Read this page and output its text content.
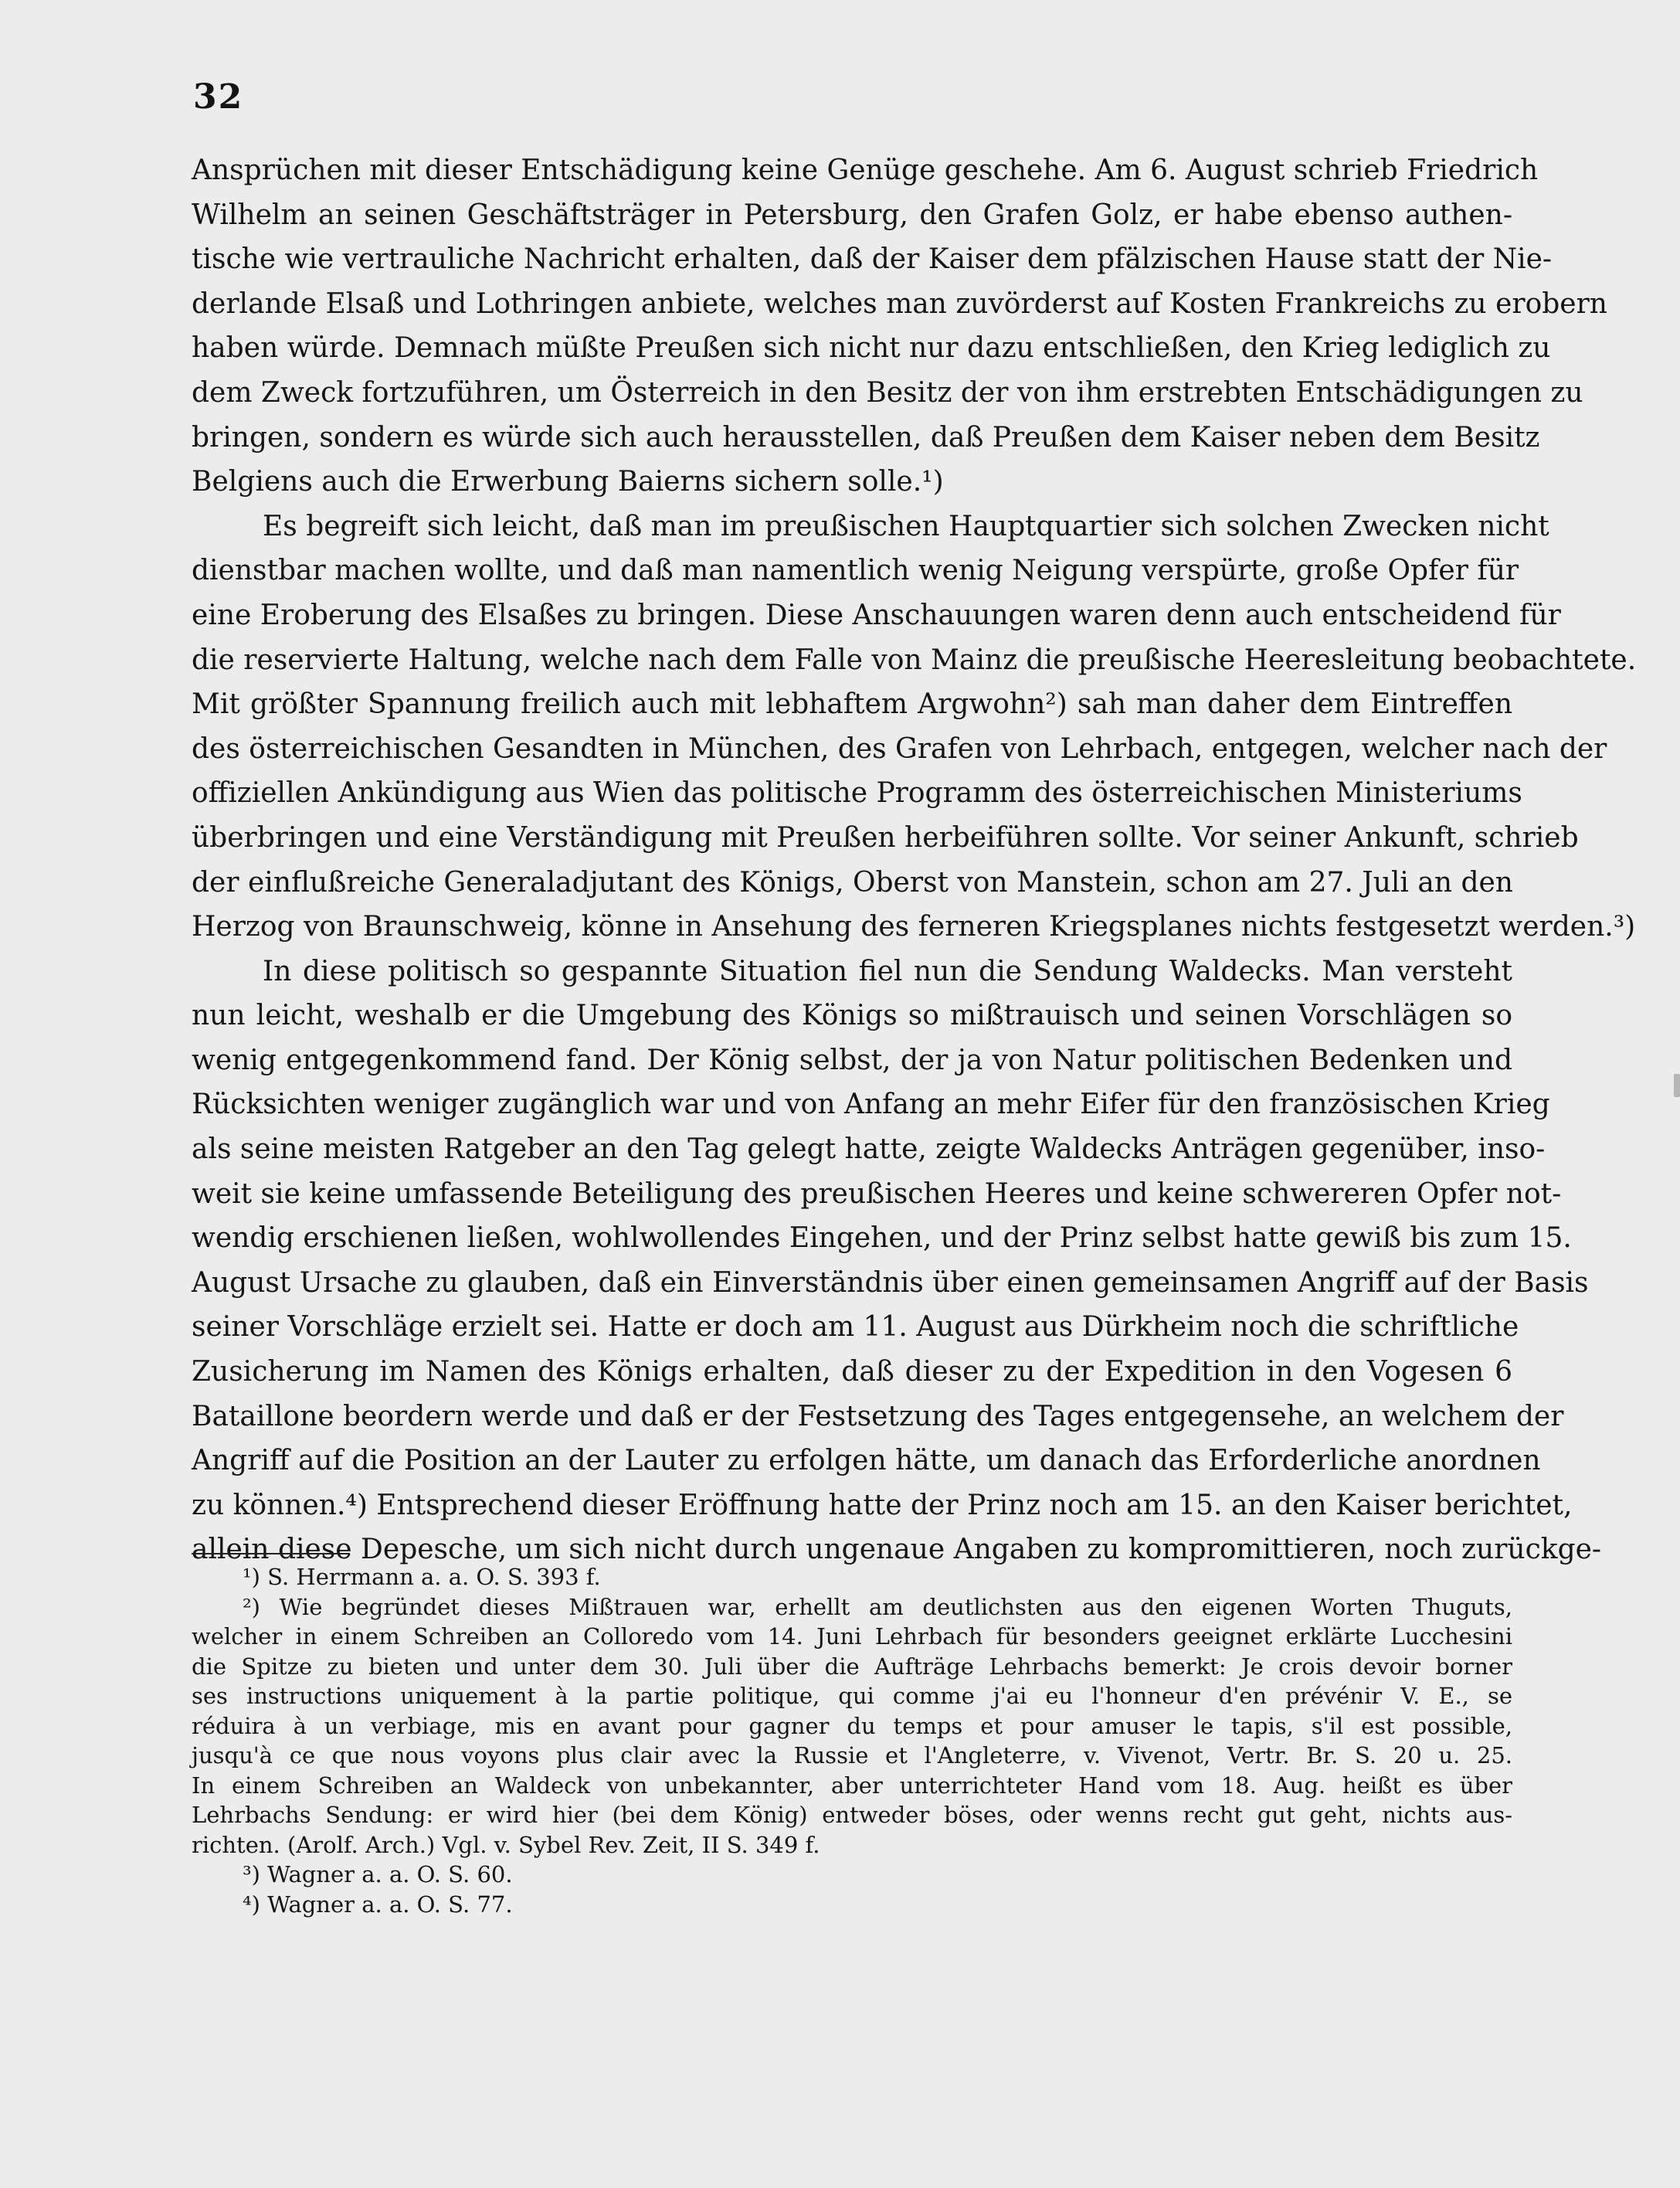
32
Ansprüchen mit dieser Entschädigung keine Genüge geschehe. Am 6. August schrieb Friedrich
Wilhelm an seinen Geschäftsträger in Petersburg, den Grafen Golz, er habe ebenso authen-
tische wie vertrauliche Nachricht erhalten, daß der Kaiser dem pfälzischen Hause statt der Nie-
derlande Elsaß und Lothringen anbiete, welches man zuvörderst auf Kosten Frankreichs zu erobern
haben würde. Demnach müßte Preußen sich nicht nur dazu entschließen, den Krieg lediglich zu
dem Zweck fortzuführen, um Österreich in den Besitz der von ihm erstrebten Entschädigungen zu
bringen, sondern es würde sich auch herausstellen, daß Preußen dem Kaiser neben dem Besitz
Belgiens auch die Erwerbung Baierns sichern solle.¹)
Es begreift sich leicht, daß man im preußischen Hauptquartier sich solchen Zwecken nicht
dienstbar machen wollte, und daß man namentlich wenig Neigung verspürte, große Opfer für
eine Eroberung des Elsaßes zu bringen. Diese Anschauungen waren denn auch entscheidend für
die reservierte Haltung, welche nach dem Falle von Mainz die preußische Heeresleitung beobachtete.
Mit größter Spannung freilich auch mit lebhaftem Argwohn²) sah man daher dem Eintreffen
des österreichischen Gesandten in München, des Grafen von Lehrbach, entgegen, welcher nach der
offiziellen Ankündigung aus Wien das politische Programm des österreichischen Ministeriums
überbringen und eine Verständigung mit Preußen herbeiführen sollte. Vor seiner Ankunft, schrieb
der einflußreiche Generaladjutant des Königs, Oberst von Manstein, schon am 27. Juli an den
Herzog von Braunschweig, könne in Ansehung des ferneren Kriegsplanes nichts festgesetzt werden.³)
In diese politisch so gespannte Situation fiel nun die Sendung Waldecks. Man versteht
nun leicht, weshalb er die Umgebung des Königs so mißtrauisch und seinen Vorschlägen so
wenig entgegenkommend fand. Der König selbst, der ja von Natur politischen Bedenken und
Rücksichten weniger zugänglich war und von Anfang an mehr Eifer für den französischen Krieg
als seine meisten Ratgeber an den Tag gelegt hatte, zeigte Waldecks Anträgen gegenüber, inso-
weit sie keine umfassende Beteiligung des preußischen Heeres und keine schwereren Opfer not-
wendig erschienen ließen, wohlwollendes Eingehen, und der Prinz selbst hatte gewiß bis zum 15.
August Ursache zu glauben, daß ein Einverständnis über einen gemeinsamen Angriff auf der Basis
seiner Vorschläge erzielt sei. Hatte er doch am 11. August aus Dürkheim noch die schriftliche
Zusicherung im Namen des Königs erhalten, daß dieser zu der Expedition in den Vogesen 6
Bataillone beordern werde und daß er der Festsetzung des Tages entgegensehe, an welchem der
Angriff auf die Position an der Lauter zu erfolgen hätte, um danach das Erforderliche anordnen
zu können.⁴) Entsprechend dieser Eröffnung hatte der Prinz noch am 15. an den Kaiser berichtet,
allein diese Depesche, um sich nicht durch ungenaue Angaben zu kompromittieren, noch zurückge-
¹) S. Herrmann a. a. O. S. 393 f.
²) Wie begründet dieses Mißtrauen war, erhellt am deutlichsten aus den eigenen Worten Thuguts,
welcher in einem Schreiben an Colloredo vom 14. Juni Lehrbach für besonders geeignet erklärte Lucchesini
die Spitze zu bieten und unter dem 30. Juli über die Aufträge Lehrbachs bemerkt: Je crois devoir borner
ses instructions uniquement à la partie politique, qui comme j'ai eu l'honneur d'en prévénir V. E., se
réduira à un verbiage, mis en avant pour gagner du temps et pour amuser le tapis, s'il est possible,
jusqu'à ce que nous voyons plus clair avec la Russie et l'Angleterre, v. Vivenot, Vertr. Br. S. 20 u. 25.
In einem Schreiben an Waldeck von unbekannter, aber unterrichteter Hand vom 18. Aug. heißt es über
Lehrbachs Sendung: er wird hier (bei dem König) entweder böses, oder wenns recht gut geht, nichts aus-
richten. (Arolf. Arch.) Vgl. v. Sybel Rev. Zeit, II S. 349 f.
³) Wagner a. a. O. S. 60.
⁴) Wagner a. a. O. S. 77.
